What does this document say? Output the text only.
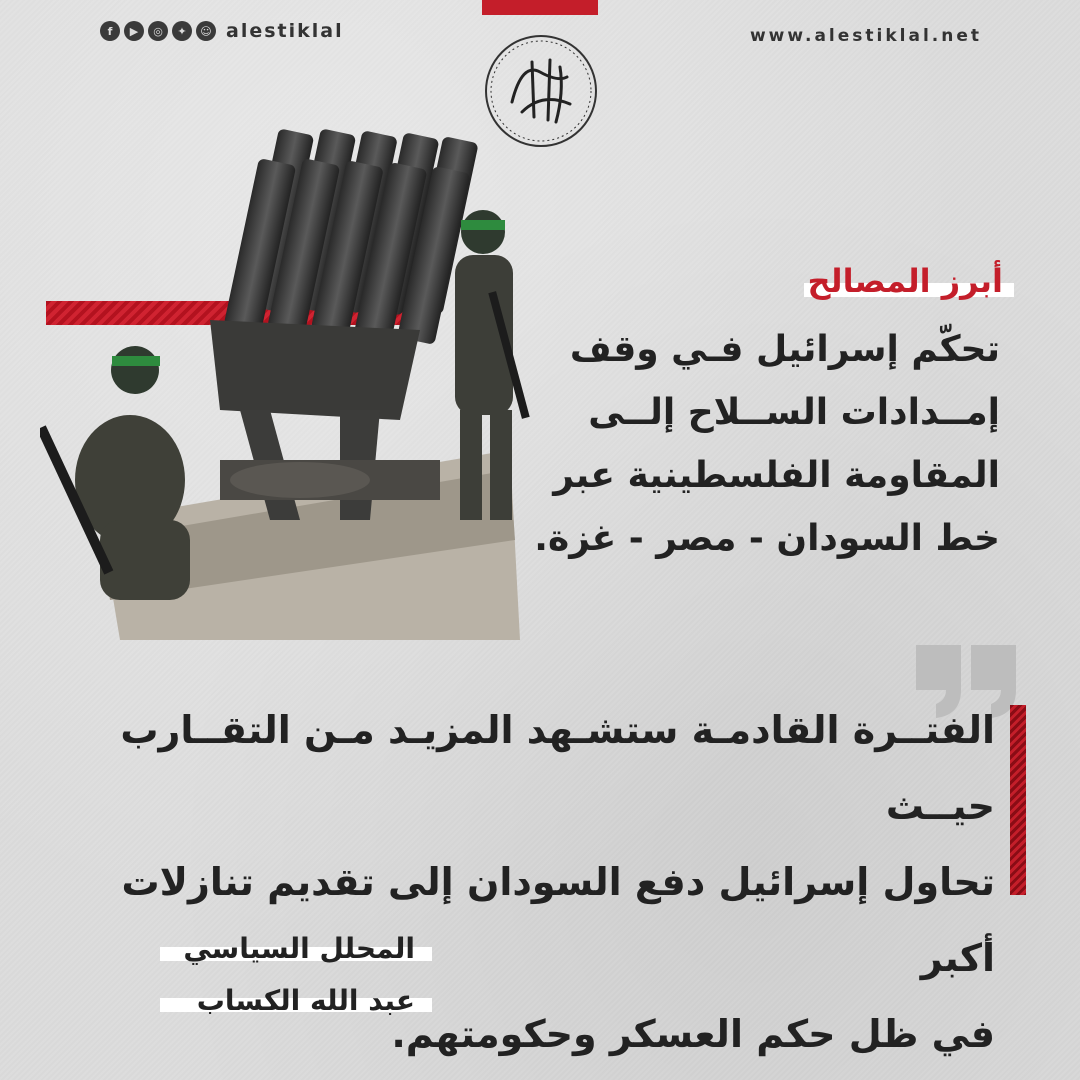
f	▶	◎	✦	☺ alestiklal	www.alestiklal.net
أبرز المصالح
تحكّم إسرائيل فـي وقف
إمــدادات الســلاح إلــى
المقاومة الفلسطينية عبر
خط السودان - مصر - غزة.
الفتــرة القادمـة ستشـهد المزيـد مـن التقــارب حيــث
تحاول إسرائيل دفع السودان إلى تقديم تنازلات أكبر
في ظل حكم العسكر وحكومتهم.
المحلل السياسي
عبد الله الكساب
